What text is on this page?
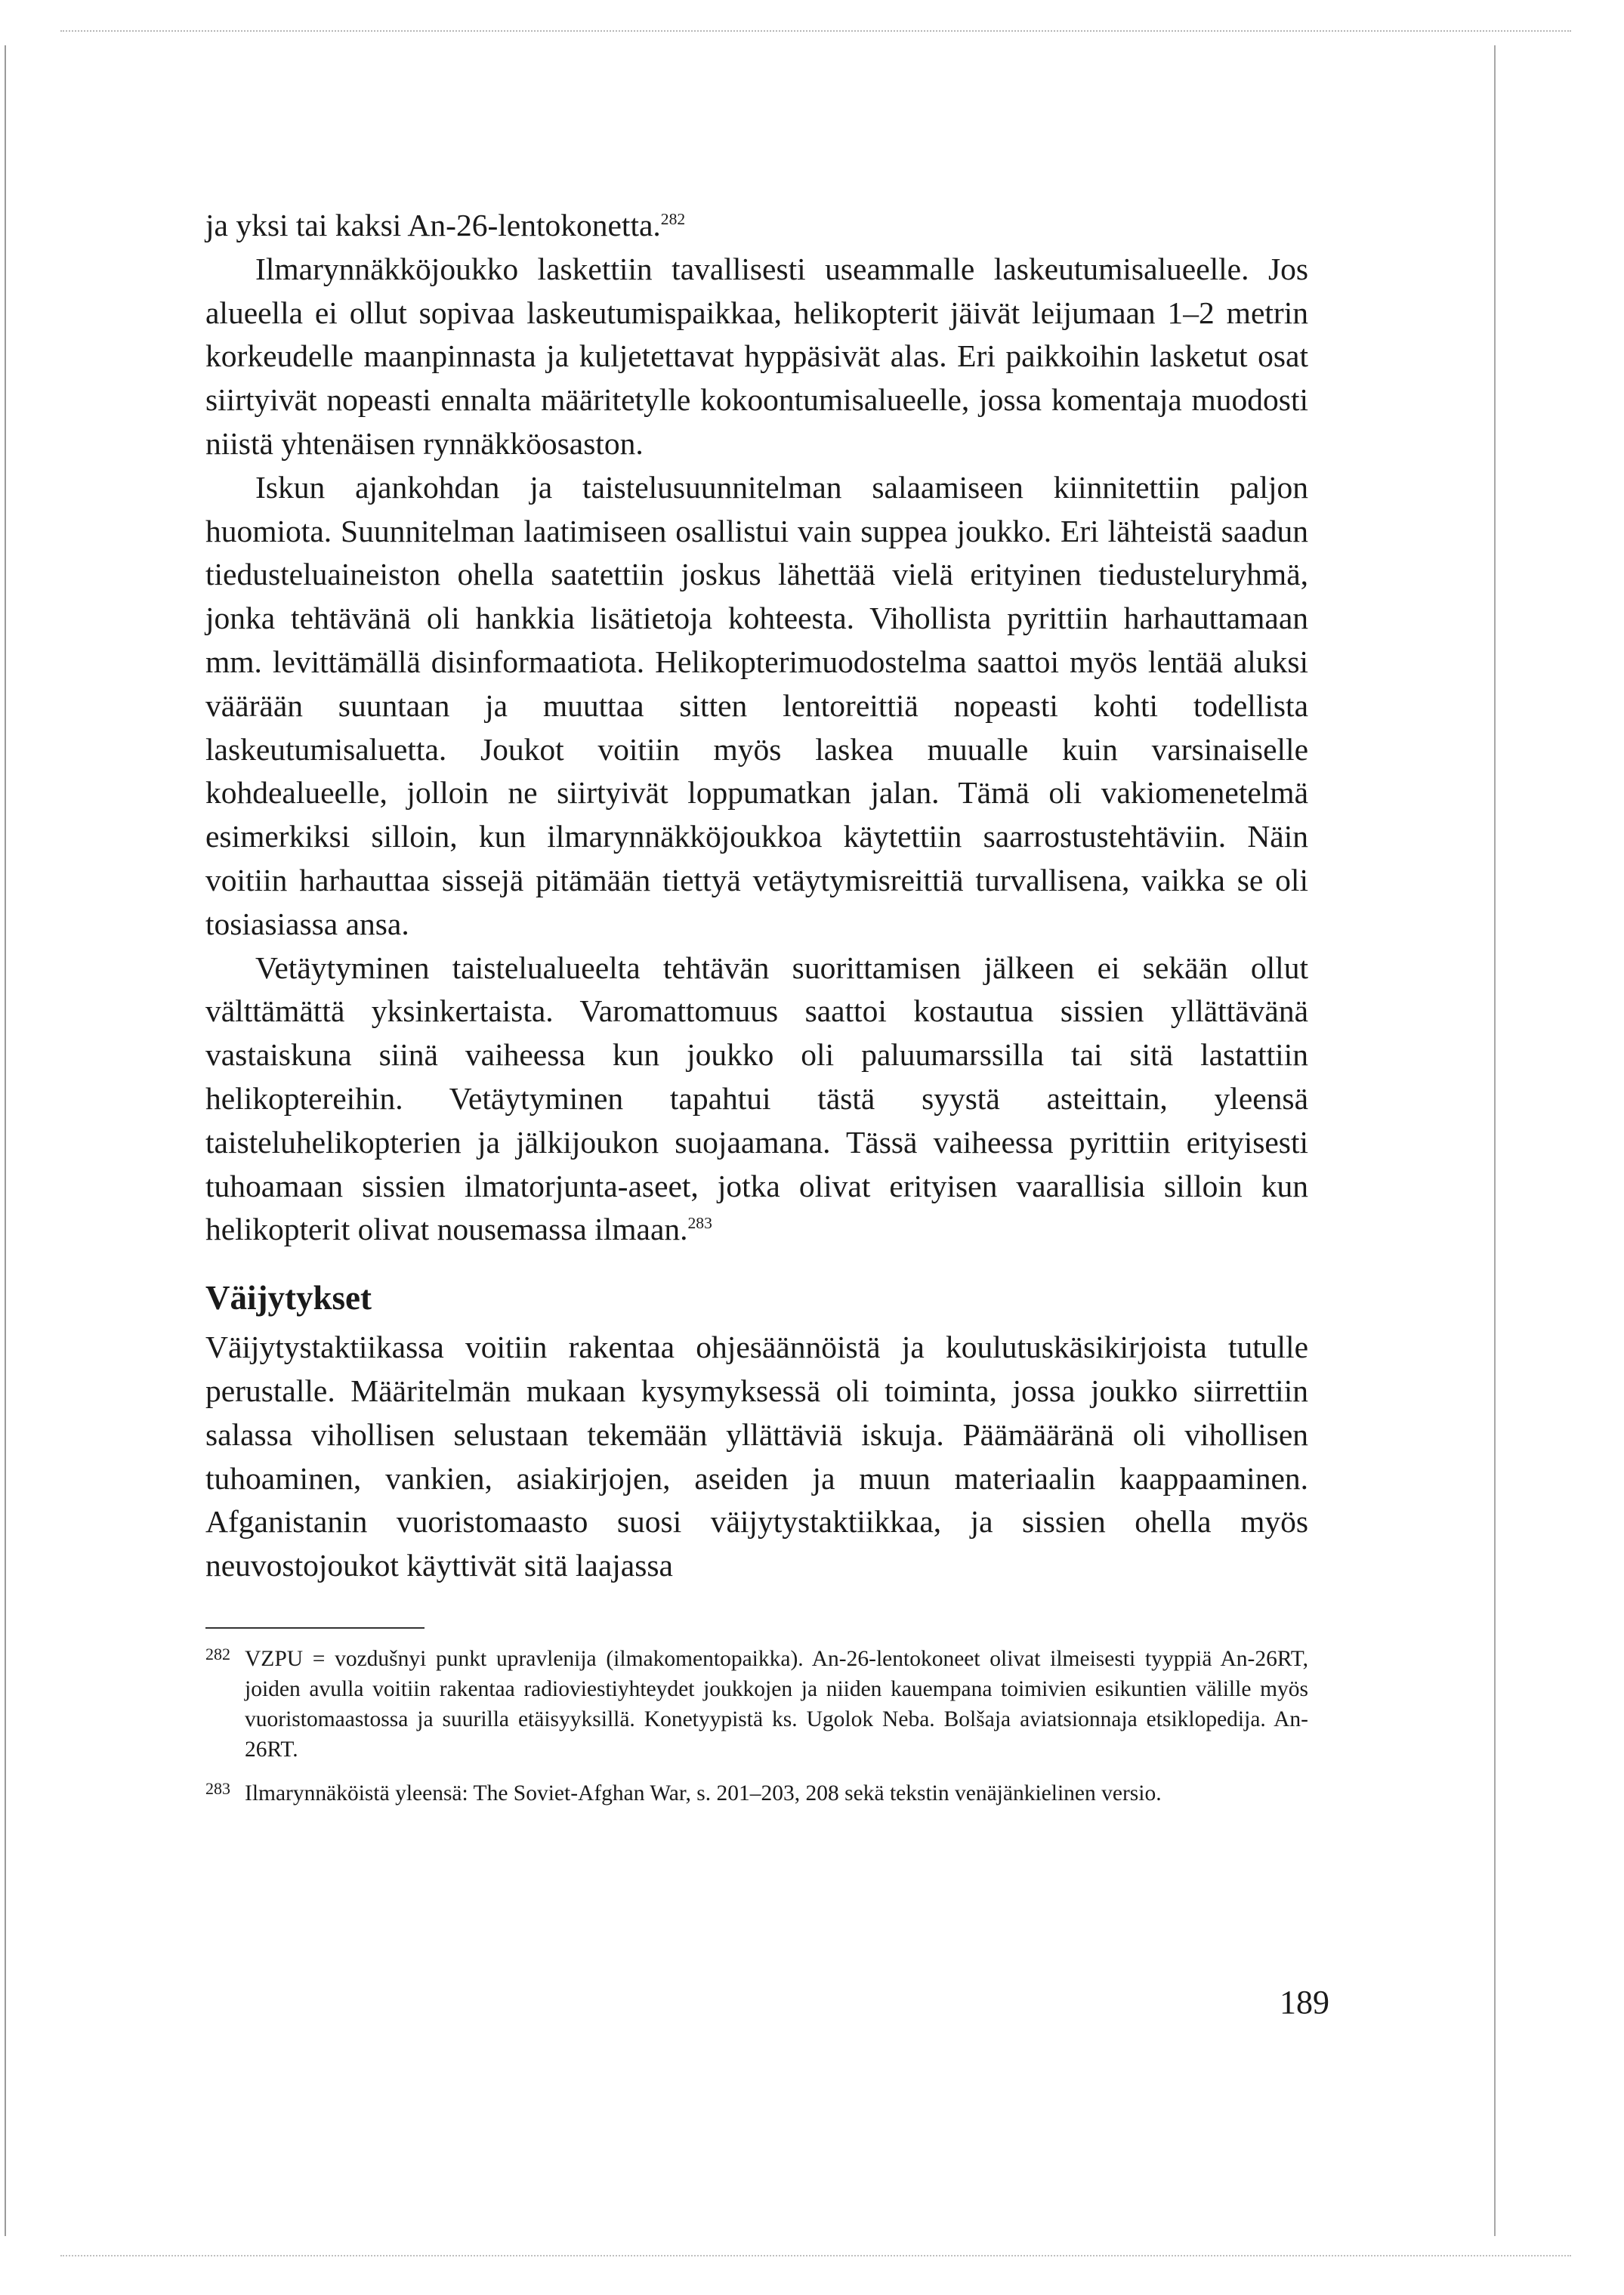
ja yksi tai kaksi An-26-lentokonetta.$^{282}$

Ilmarynnäkköjoukko laskettiin tavallisesti useammalle laskeutumisalueelle. Jos alueella ei ollut sopivaa laskeutumispaikkaa, helikopterit jäivät leijumaan 1–2 metrin korkeudelle maanpinnasta ja kuljetettavat hyppäsivät alas. Eri paikkoihin lasketut osat siirtyivät nopeasti ennalta määritetylle kokoontumisalueelle, jossa komentaja muodosti niistä yhtenäisen rynnäkköosaston.

Iskun ajankohdan ja taistelusuunnitelman salaamiseen kiinnitettiin paljon huomiota. Suunnitelman laatimiseen osallistui vain suppea joukko. Eri lähteistä saadun tiedusteluaineiston ohella saatettiin joskus lähettää vielä erityinen tiedusteluryhmä, jonka tehtävänä oli hankkia lisätietoja kohteesta. Vihollista pyrittiin harhauttamaan mm. levittämällä disinformaatiota. Helikopterimuodostelma saattoi myös lentää aluksi väärään suuntaan ja muuttaa sitten lentoreittiä nopeasti kohti todellista laskeutumisaluetta. Joukot voitiin myös laskea muualle kuin varsinaiselle kohdealueelle, jolloin ne siirtyivät loppumatkan jalan. Tämä oli vakiomenetelmä esimerkiksi silloin, kun ilmarynnäkköjoukkoa käytettiin saarrostustehtäviin. Näin voitiin harhauttaa sissejä pitämään tiettyä vetäytymisreittiä turvallisena, vaikka se oli tosiasiassa ansa.

Vetäytyminen taistelualueelta tehtävän suorittamisen jälkeen ei sekään ollut välttämättä yksinkertaista. Varomattomuus saattoi kostautua sissien yllättävänä vastaiskuna siinä vaiheessa kun joukko oli paluumarssilla tai sitä lastattiin helikoptereihin. Vetäytyminen tapahtui tästä syystä asteittain, yleensä taisteluhelikopterien ja jälkijoukon suojaamana. Tässä vaiheessa pyrittiin erityisesti tuhoamaan sissien ilmatorjunta-aseet, jotka olivat erityisen vaarallisia silloin kun helikopterit olivat nousemassa ilmaan.$^{283}$

Väijytykset

Väijytystaktiikassa voitiin rakentaa ohjesäännöistä ja koulutuskäsikirjoista tutulle perustalle. Määritelmän mukaan kysymyksessä oli toiminta, jossa joukko siirrettiin salassa vihollisen selustaan tekemään yllättäviä iskuja. Päämääränä oli vihollisen tuhoaminen, vankien, asiakirjojen, aseiden ja muun materiaalin kaappaaminen. Afganistanin vuoristomaasto suosi väijytystaktiikkaa, ja sissien ohella myös neuvostojoukot käyttivät sitä laajassa

282 VZPU = vozdušnyi punkt upravlenija (ilmakomentopaikka). An-26-lentokoneet olivat ilmeisesti tyyppiä An-26RT, joiden avulla voitiin rakentaa radioviestiyhteydet joukkojen ja niiden kauempana toimivien esikuntien välille myös vuoristomaastossa ja suurilla etäisyyksillä. Konetyypistä ks. Ugolok Neba. Bolšaja aviatsionnaja etsiklopedija. An-26RT.

283 Ilmarynnäköistä yleensä: The Soviet-Afghan War, s. 201–203, 208 sekä tekstin venäjänkielinen versio.

189
